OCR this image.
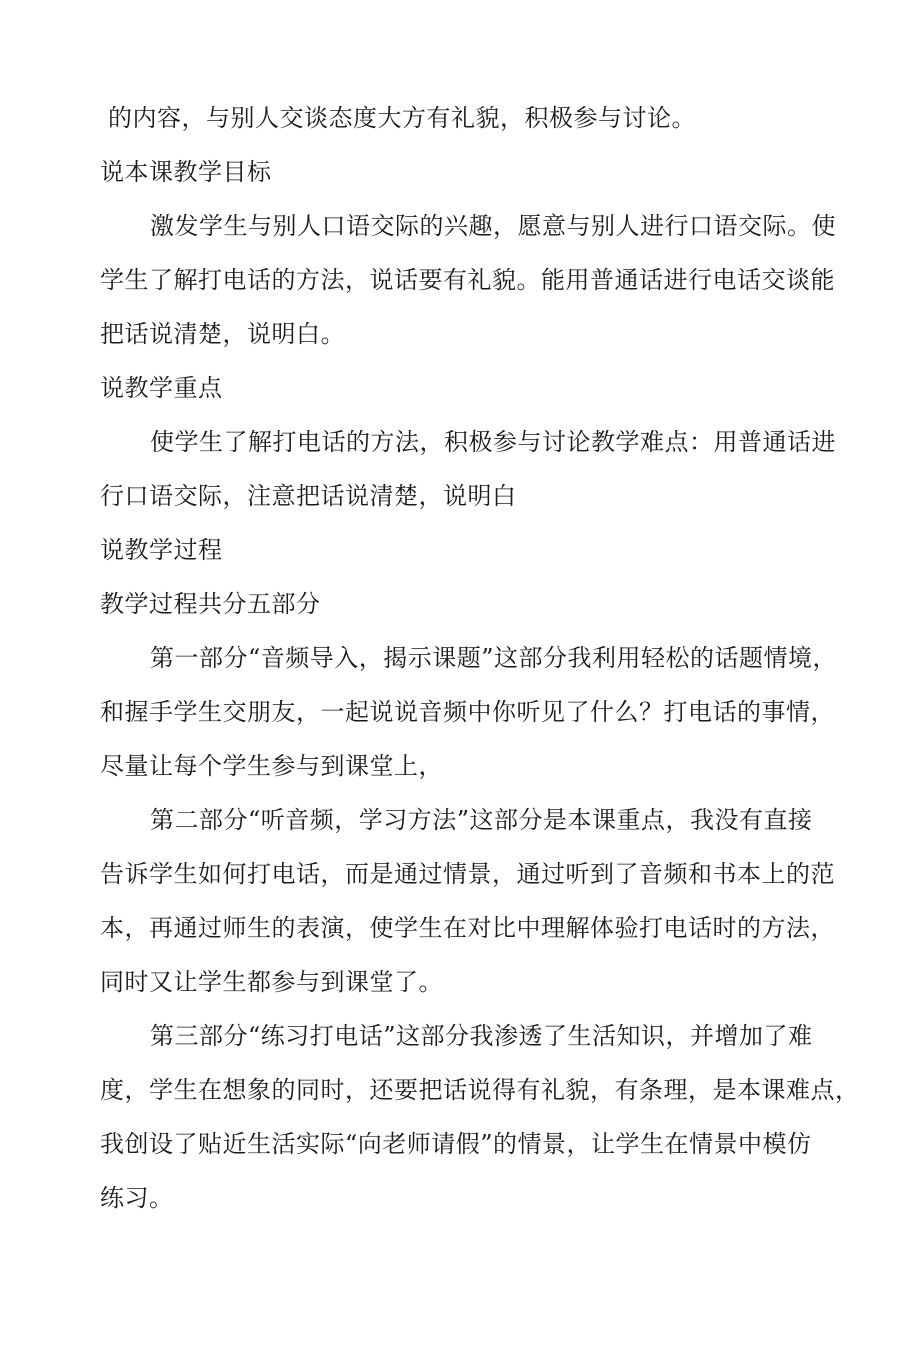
的内容，与别人交谈态度大方有礼貌，积极参与讨论。
说本课教学目标
激发学生与别人口语交际的兴趣，愿意与别人进行口语交际。使
学生了解打电话的方法，说话要有礼貌。能用普通话进行电话交谈能
把话说清楚，说明白。
说教学重点
使学生了解打电话的方法，积极参与讨论教学难点：用普通话进
行口语交际，注意把话说清楚，说明白
说教学过程
教学过程共分五部分
第一部分“音频导入，揭示课题”这部分我利用轻松的话题情境，
和握手学生交朋友，一起说说音频中你听见了什么？打电话的事情，
尽量让每个学生参与到课堂上，
第二部分“听音频，学习方法”这部分是本课重点，我没有直接
告诉学生如何打电话，而是通过情景，通过听到了音频和书本上的范
本，再通过师生的表演，使学生在对比中理解体验打电话时的方法，
同时又让学生都参与到课堂了。
第三部分“练习打电话”这部分我渗透了生活知识，并增加了难
度，学生在想象的同时，还要把话说得有礼貌，有条理，是本课难点，
我创设了贴近生活实际“向老师请假”的情景，让学生在情景中模仿
练习。
